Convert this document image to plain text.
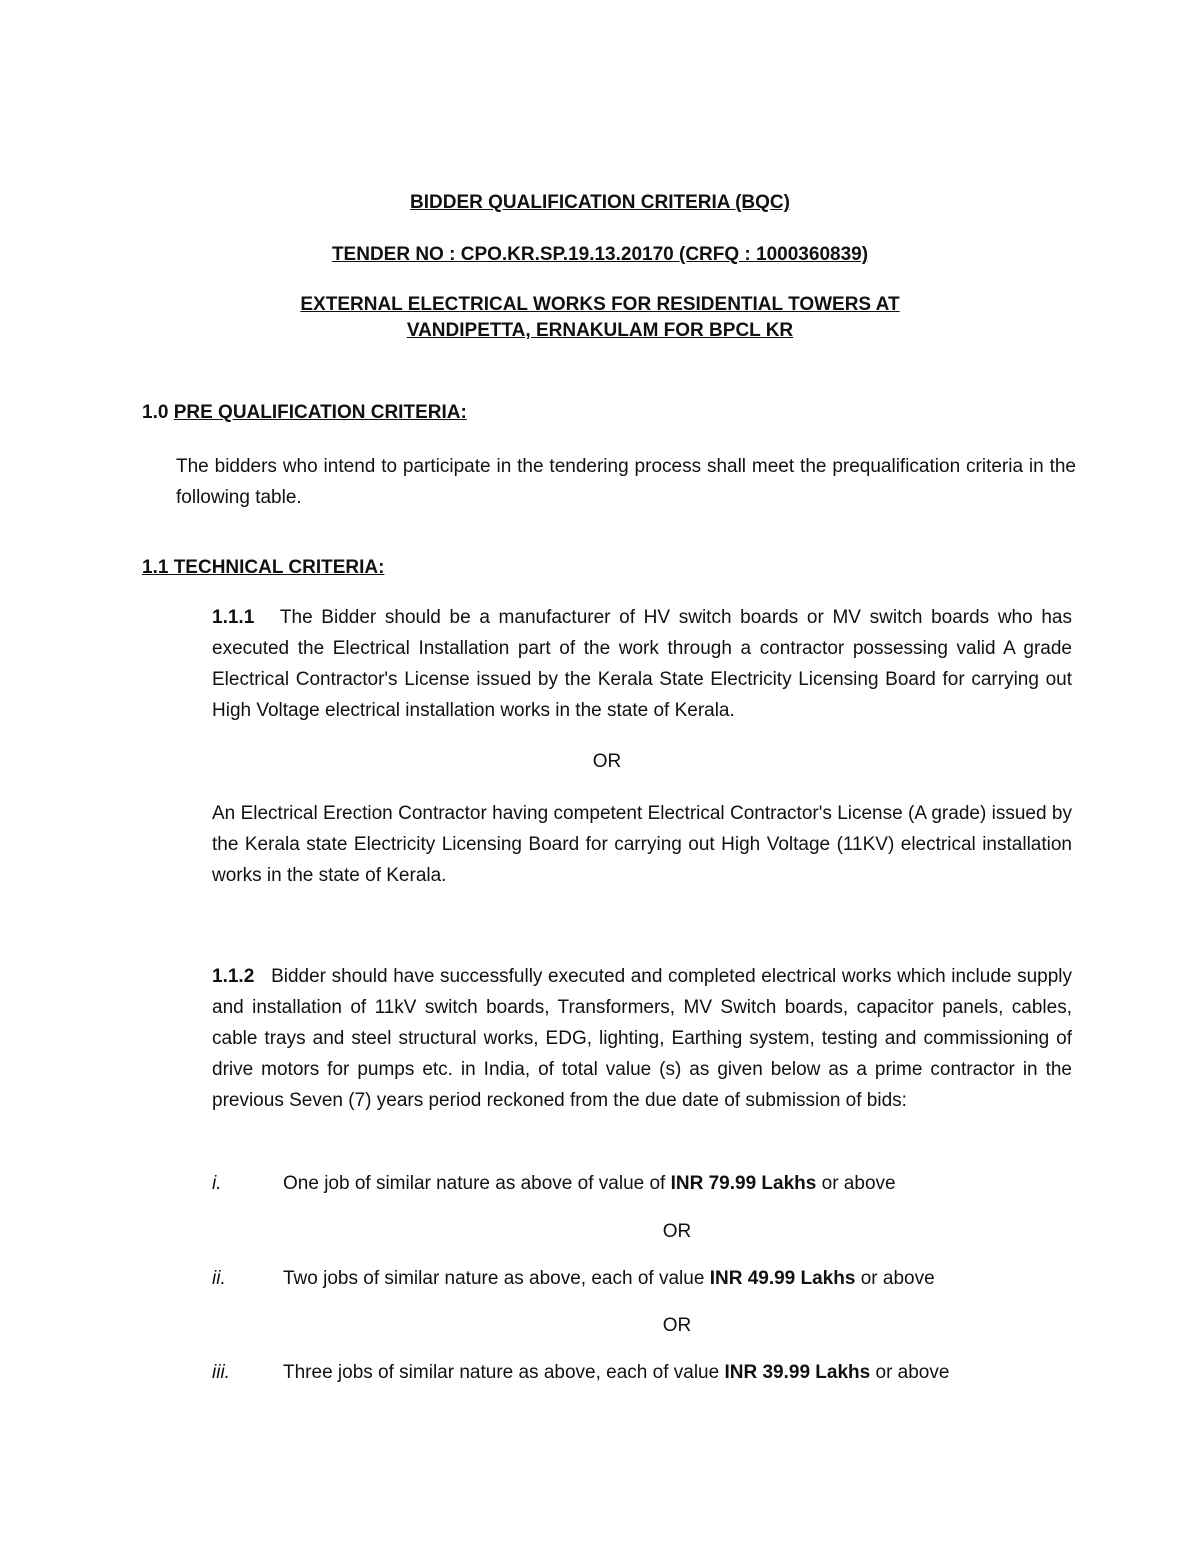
BIDDER QUALIFICATION CRITERIA (BQC)
TENDER NO : CPO.KR.SP.19.13.20170 (CRFQ : 1000360839)
EXTERNAL ELECTRICAL WORKS FOR RESIDENTIAL TOWERS AT
VANDIPETTA, ERNAKULAM FOR BPCL KR
1.0 PRE QUALIFICATION CRITERIA:
The bidders who intend to participate in the tendering process shall meet the prequalification criteria in the following table.
1.1 TECHNICAL CRITERIA:
1.1.1 The Bidder should be a manufacturer of HV switch boards or MV switch boards who has executed the Electrical Installation part of the work through a contractor possessing valid A grade Electrical Contractor's License issued by the Kerala State Electricity Licensing Board for carrying out High Voltage electrical installation works in the state of Kerala.
OR
An Electrical Erection Contractor having competent Electrical Contractor's License (A grade) issued by the Kerala state Electricity Licensing Board for carrying out High Voltage (11KV) electrical installation works in the state of Kerala.
1.1.2 Bidder should have successfully executed and completed electrical works which include supply and installation of 11kV switch boards, Transformers, MV Switch boards, capacitor panels, cables, cable trays and steel structural works, EDG, lighting, Earthing system, testing and commissioning of drive motors for pumps etc. in India, of total value (s) as given below as a prime contractor in the previous Seven (7) years period reckoned from the due date of submission of bids:
i.	One job of similar nature as above of value of INR 79.99 Lakhs or above
OR
ii.	Two jobs of similar nature as above, each of value INR 49.99 Lakhs or above
OR
iii.	Three jobs of similar nature as above, each of value INR 39.99 Lakhs or above
